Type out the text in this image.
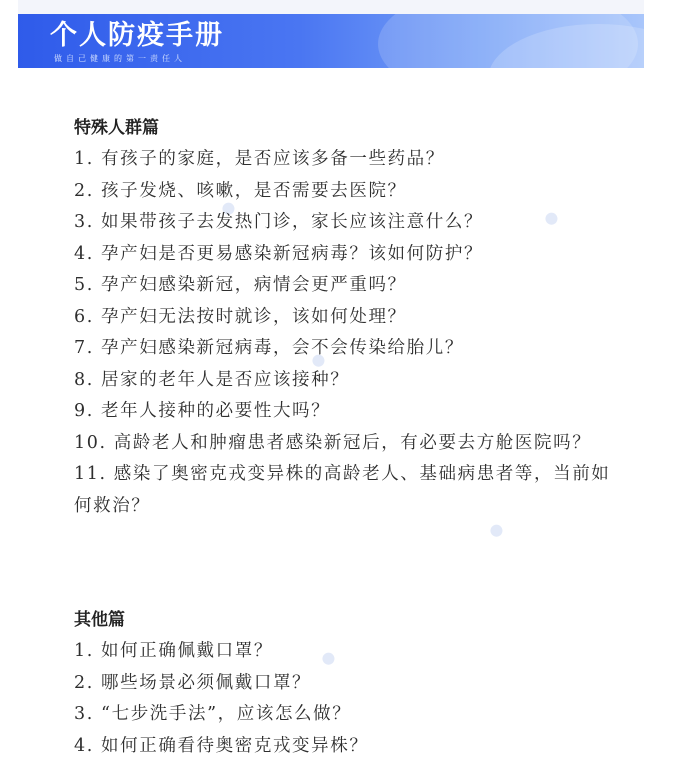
个人防疫手册
做自己健康的第一责任人
特殊人群篇
1. 有孩子的家庭，是否应该多备一些药品？
2. 孩子发烧、咳嗽，是否需要去医院？
3. 如果带孩子去发热门诊，家长应该注意什么？
4. 孕产妇是否更易感染新冠病毒？该如何防护？
5. 孕产妇感染新冠，病情会更严重吗？
6. 孕产妇无法按时就诊，该如何处理？
7. 孕产妇感染新冠病毒，会不会传染给胎儿？
8. 居家的老年人是否应该接种？
9. 老年人接种的必要性大吗？
10. 高龄老人和肿瘤患者感染新冠后，有必要去方舱医院吗？
11. 感染了奥密克戎变异株的高龄老人、基础病患者等，当前如何救治？
其他篇
1. 如何正确佩戴口罩？
2. 哪些场景必须佩戴口罩？
3. “七步洗手法”，应该怎么做？
4. 如何正确看待奥密克戎变异株？
